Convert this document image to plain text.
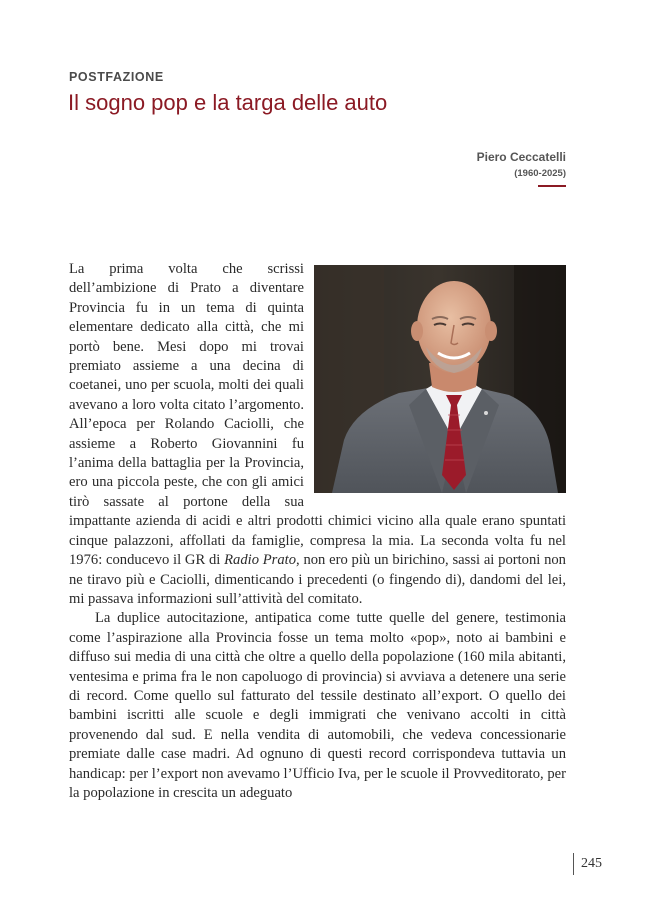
POSTFAZIONE
Il sogno pop e la targa delle auto
Piero Ceccatelli
(1960-2025)

La prima volta che scrissi dell’ambizione di Prato a diventare Provincia fu in un tema di quinta elementare dedicato alla città, che mi portò bene. Mesi dopo mi trovai premiato assieme a una decina di coetanei, uno per scuola, molti dei quali avevano a loro volta citato l’argomento. All’epoca per Rolando Caciolli, che assieme a Roberto Giovannini fu l’anima della battaglia per la Provincia, ero una piccola peste, che con gli amici tirò sassate al portone della sua impattante azienda di acidi e altri prodotti chimici vicino alla quale erano spuntati cinque palazzoni, affollati da famiglie, compresa la mia. La seconda volta fu nel 1976: conducevo il GR di Radio Prato, non ero più un birichino, sassi ai portoni non ne tiravo più e Caciolli, dimenticando i precedenti (o fingendo di), dandomi del lei, mi passava informazioni sull’attività del comitato.

La duplice autocitazione, antipatica come tutte quelle del genere, testimonia come l’aspirazione alla Provincia fosse un tema molto «pop», noto ai bambini e diffuso sui media di una città che oltre a quello della popolazione (160 mila abitanti, ventesima e prima fra le non capoluogo di provincia) si avviava a detenere una serie di record. Come quello sul fatturato del tessile destinato all’export. O quello dei bambini iscritti alle scuole e degli immigrati che venivano accolti in città provenendo dal sud. E nella vendita di automobili, che vedeva concessionarie premiate dalle case madri. Ad ognuno di questi record corrispondeva tuttavia un handicap: per l’export non avevamo l’Ufficio Iva, per le scuole il Provveditorato, per la popolazione in crescita un adeguato

245
